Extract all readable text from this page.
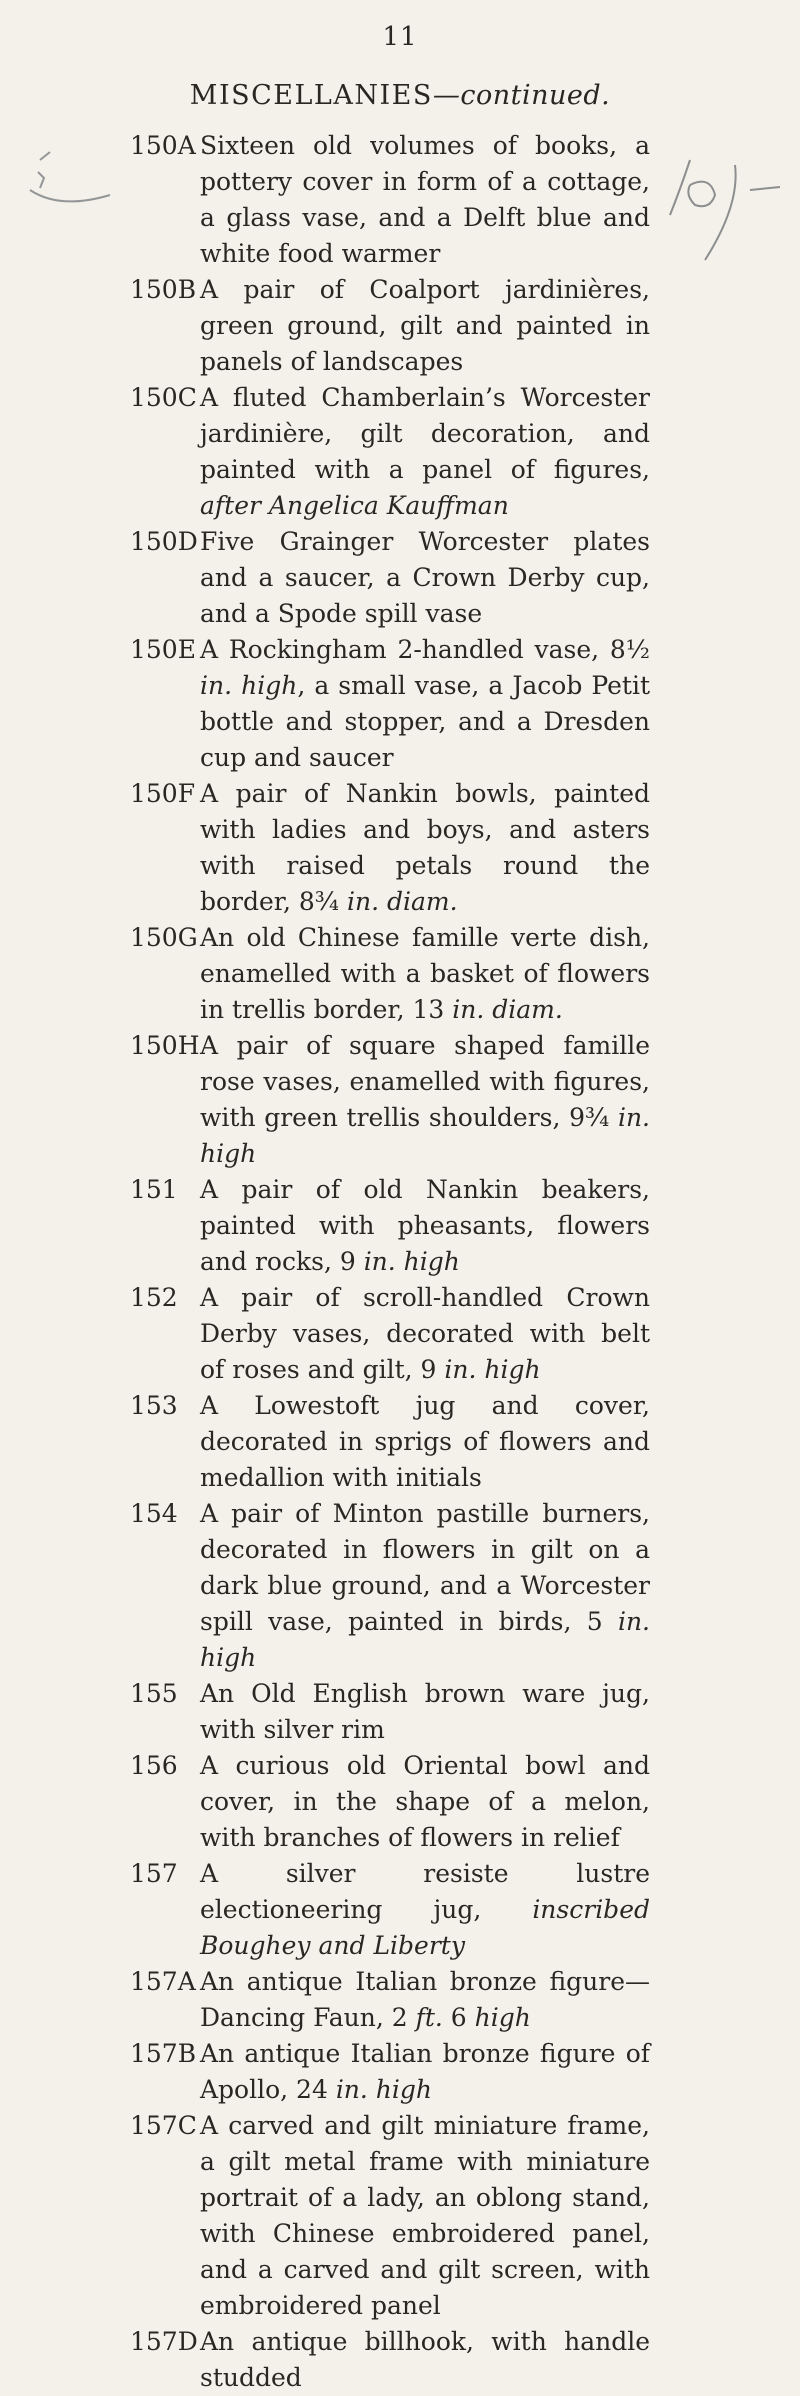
11
MISCELLANIES—continued.
150A Sixteen old volumes of books, a pottery cover in form of a cottage, a glass vase, and a Delft blue and white food warmer
150B A pair of Coalport jardinières, green ground, gilt and painted in panels of landscapes
150C A fluted Chamberlain’s Worcester jardinière, gilt decoration, and painted with a panel of figures, after Angelica Kauffman
150D Five Grainger Worcester plates and a saucer, a Crown Derby cup, and a Spode spill vase
150E A Rockingham 2-handled vase, 8½ in. high, a small vase, a Jacob Petit bottle and stopper, and a Dresden cup and saucer
150F A pair of Nankin bowls, painted with ladies and boys, and asters with raised petals round the border, 8¾ in. diam.
150G An old Chinese famille verte dish, enamelled with a basket of flowers in trellis border, 13 in. diam.
150H A pair of square shaped famille rose vases, enamelled with figures, with green trellis shoulders, 9¾ in. high
151 A pair of old Nankin beakers, painted with pheasants, flowers and rocks, 9 in. high
152 A pair of scroll-handled Crown Derby vases, decorated with belt of roses and gilt, 9 in. high
153 A Lowestoft jug and cover, decorated in sprigs of flowers and medallion with initials
154 A pair of Minton pastille burners, decorated in flowers in gilt on a dark blue ground, and a Worcester spill vase, painted in birds, 5 in. high
155 An Old English brown ware jug, with silver rim
156 A curious old Oriental bowl and cover, in the shape of a melon, with branches of flowers in relief
157 A silver resiste lustre electioneering jug, inscribed Boughey and Liberty
157A An antique Italian bronze figure—Dancing Faun, 2 ft. 6 high
157B An antique Italian bronze figure of Apollo, 24 in. high
157C A carved and gilt miniature frame, a gilt metal frame with miniature portrait of a lady, an oblong stand, with Chinese embroidered panel, and a carved and gilt screen, with embroidered panel
157D An antique billhook, with handle studded
